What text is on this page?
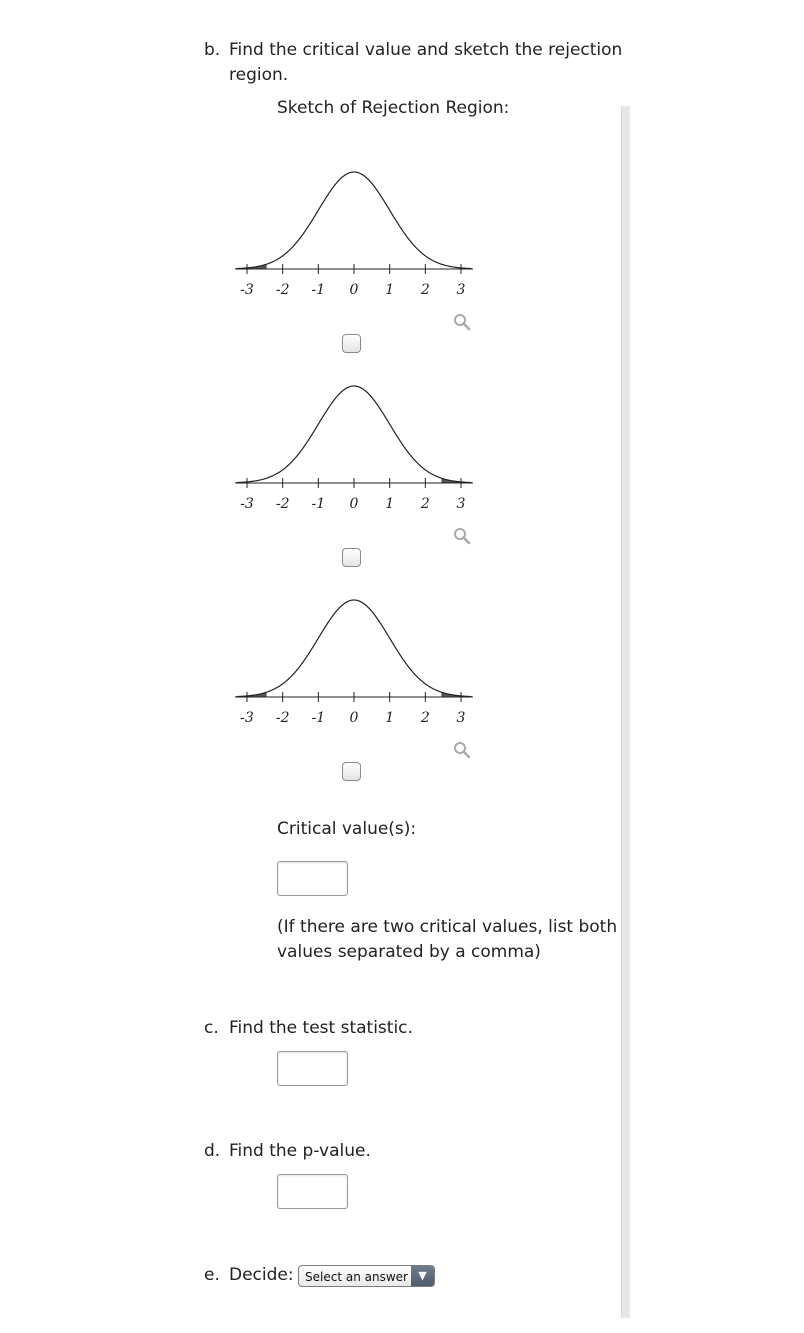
b. Find the critical value and sketch the rejection
region.
Sketch of Rejection Region:
-3 -2 -1 0 1 2 3
-3 -2 -1 0 1 2 3
-3 -2 -1 0 1 2 3
Critical value(s):
(If there are two critical values, list both
values separated by a comma)
c. Find the test statistic.
d. Find the p-value.
e. Decide: Select an answer ▼
